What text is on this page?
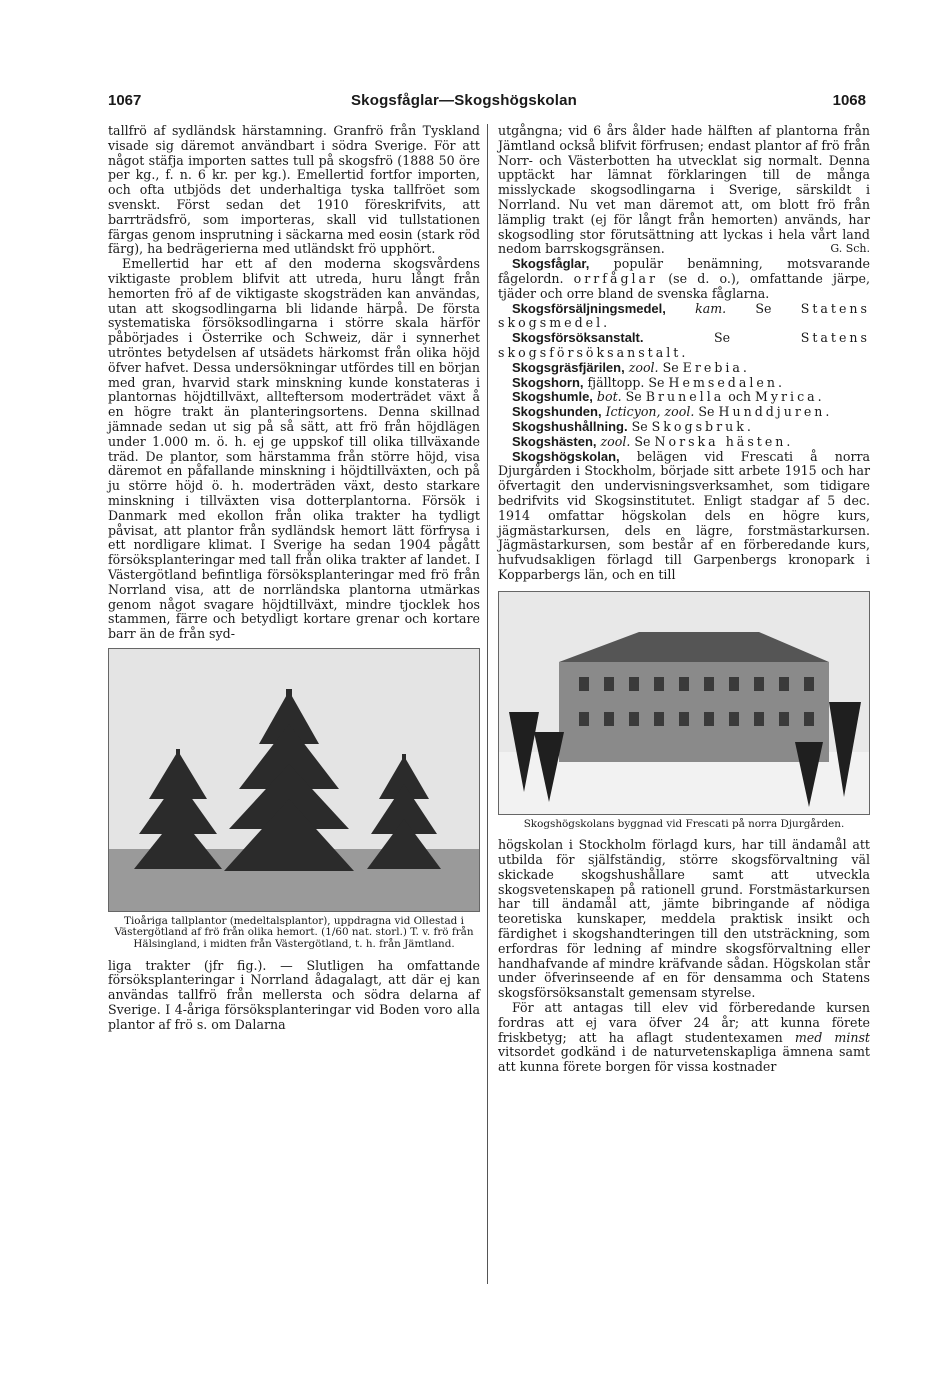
1067	Skogsfåglar—Skogshögskolan	1068

tallfrö af sydländsk härstamning. Granfrö från Tyskland visade sig däremot användbart i södra Sverige. För att något stäfja importen sattes tull på skogsfrö (1888 50 öre per kg., f. n. 6 kr. per kg.). Emellertid fortfor importen, och ofta utbjöds det underhaltiga tyska tallfröet som svenskt. Först sedan det 1910 föreskrifvits, att barrträdsfrö, som importeras, skall vid tullstationen färgas genom insprutning i säckarna med eosin (stark röd färg), ha bedrägerierna med utländskt frö upphört.

Emellertid har ett af den moderna skogsvårdens viktigaste problem blifvit att utreda, huru långt från hemorten frö af de viktigaste skogsträden kan användas, utan att skogsodlingarna bli lidande härpå. De första systematiska försöksodlingarna i större skala härför påbörjades i Österrike och Schweiz, där i synnerhet utröntes betydelsen af utsädets härkomst från olika höjd öfver hafvet. Dessa undersökningar utfördes till en början med gran, hvarvid stark minskning kunde konstateras i plantornas höjdtillväxt, allteftersom moderträdet växt å en högre trakt än planteringsortens. Denna skillnad jämnade sedan ut sig på så sätt, att frö från höjdlägen under 1.000 m. ö. h. ej ge uppskof till olika tillväxande träd. De plantor, som härstamma från större höjd, visa däremot en påfallande minskning i höjdtillväxten, och på ju större höjd ö. h. moderträden växt, desto starkare minskning i tillväxten visa dotterplantorna. Försök i Danmark med ekollon från olika trakter ha tydligt påvisat, att plantor från sydländsk hemort lätt förfrysa i ett nordligare klimat. I Sverige ha sedan 1904 pågått försöksplanteringar med tall från olika trakter af landet. I Västergötland befintliga försöksplanteringar med frö från Norrland visa, att de norrländska plantorna utmärkas genom något svagare höjdtillväxt, mindre tjocklek hos stammen, färre och betydligt kortare grenar och kortare barr än de från syd-

Tioåriga tallplantor (medeltalsplantor), uppdragna vid Ollestad i Västergötland af frö från olika hemort. (1/60 nat. storl.) T. v. frö från Hälsingland, i midten från Västergötland, t. h. från Jämtland.

liga trakter (jfr fig.). — Slutligen ha omfattande försöksplanteringar i Norrland ådagalagt, att där ej kan användas tallfrö från mellersta och södra delarna af Sverige. I 4-åriga försöksplanteringar vid Boden voro alla plantor af frö s. om Dalarna

utgångna; vid 6 års ålder hade hälften af plantorna från Jämtland också blifvit förfrusen; endast plantor af frö från Norr- och Västerbotten ha utvecklat sig normalt. Denna upptäckt har lämnat förklaringen till de många misslyckade skogsodlingarna i Sverige, särskildt i Norrland. Nu vet man däremot att, om blott frö från lämplig trakt (ej för långt från hemorten) används, har skogsodling stor förutsättning att lyckas i hela vårt land nedom barrskogsgränsen.	G. Sch.

Skogsfåglar, populär benämning, motsvarande fågelordn. orrfåglar (se d. o.), omfattande järpe, tjäder och orre bland de svenska fåglarna.

Skogsförsäljningsmedel, kam. Se Statens skogsmedel.

Skogsförsöksanstalt. Se Statens skogsförsöksanstalt.

Skogsgräsfjärilen, zool. Se Erebia.

Skogshorn, fjälltopp. Se Hemsedalen.

Skogshumle, bot. Se Brunella och Myrica.

Skogshunden, Icticyon, zool. Se Hunddjuren.

Skogshushållning. Se Skogsbruk.

Skogshästen, zool. Se Norska hästen.

Skogshögskolan, belägen vid Frescati å norra Djurgården i Stockholm, började sitt arbete 1915 och har öfvertagit den undervisningsverksamhet, som tidigare bedrifvits vid Skogsinstitutet. Enligt stadgar af 5 dec. 1914 omfattar högskolan dels en högre kurs, jägmästarkursen, dels en lägre, forstmästarkursen. Jägmästarkursen, som består af en förberedande kurs, hufvudsakligen förlagd till Garpenbergs kronopark i Kopparbergs län, och en till

Skogshögskolans byggnad vid Frescati på norra Djurgården.

högskolan i Stockholm förlagd kurs, har till ändamål att utbilda för själfständig, större skogsförvaltning väl skickade skogshushållare samt att utveckla skogsvetenskapen på rationell grund. Forstmästarkursen har till ändamål att, jämte bibringande af nödiga teoretiska kunskaper, meddela praktisk insikt och färdighet i skogshandteringen till den utsträckning, som erfordras för ledning af mindre skogsförvaltning eller handhafvande af mindre kräfvande sådan. Högskolan står under öfverinseende af en för densamma och Statens skogsförsöksanstalt gemensam styrelse.

För att antagas till elev vid förberedande kursen fordras att ej vara öfver 24 år; att kunna förete friskbetyg; att ha aflagt studentexamen med minst vitsordet godkänd i de naturvetenskapliga ämnena samt att kunna förete borgen för vissa kostnader
